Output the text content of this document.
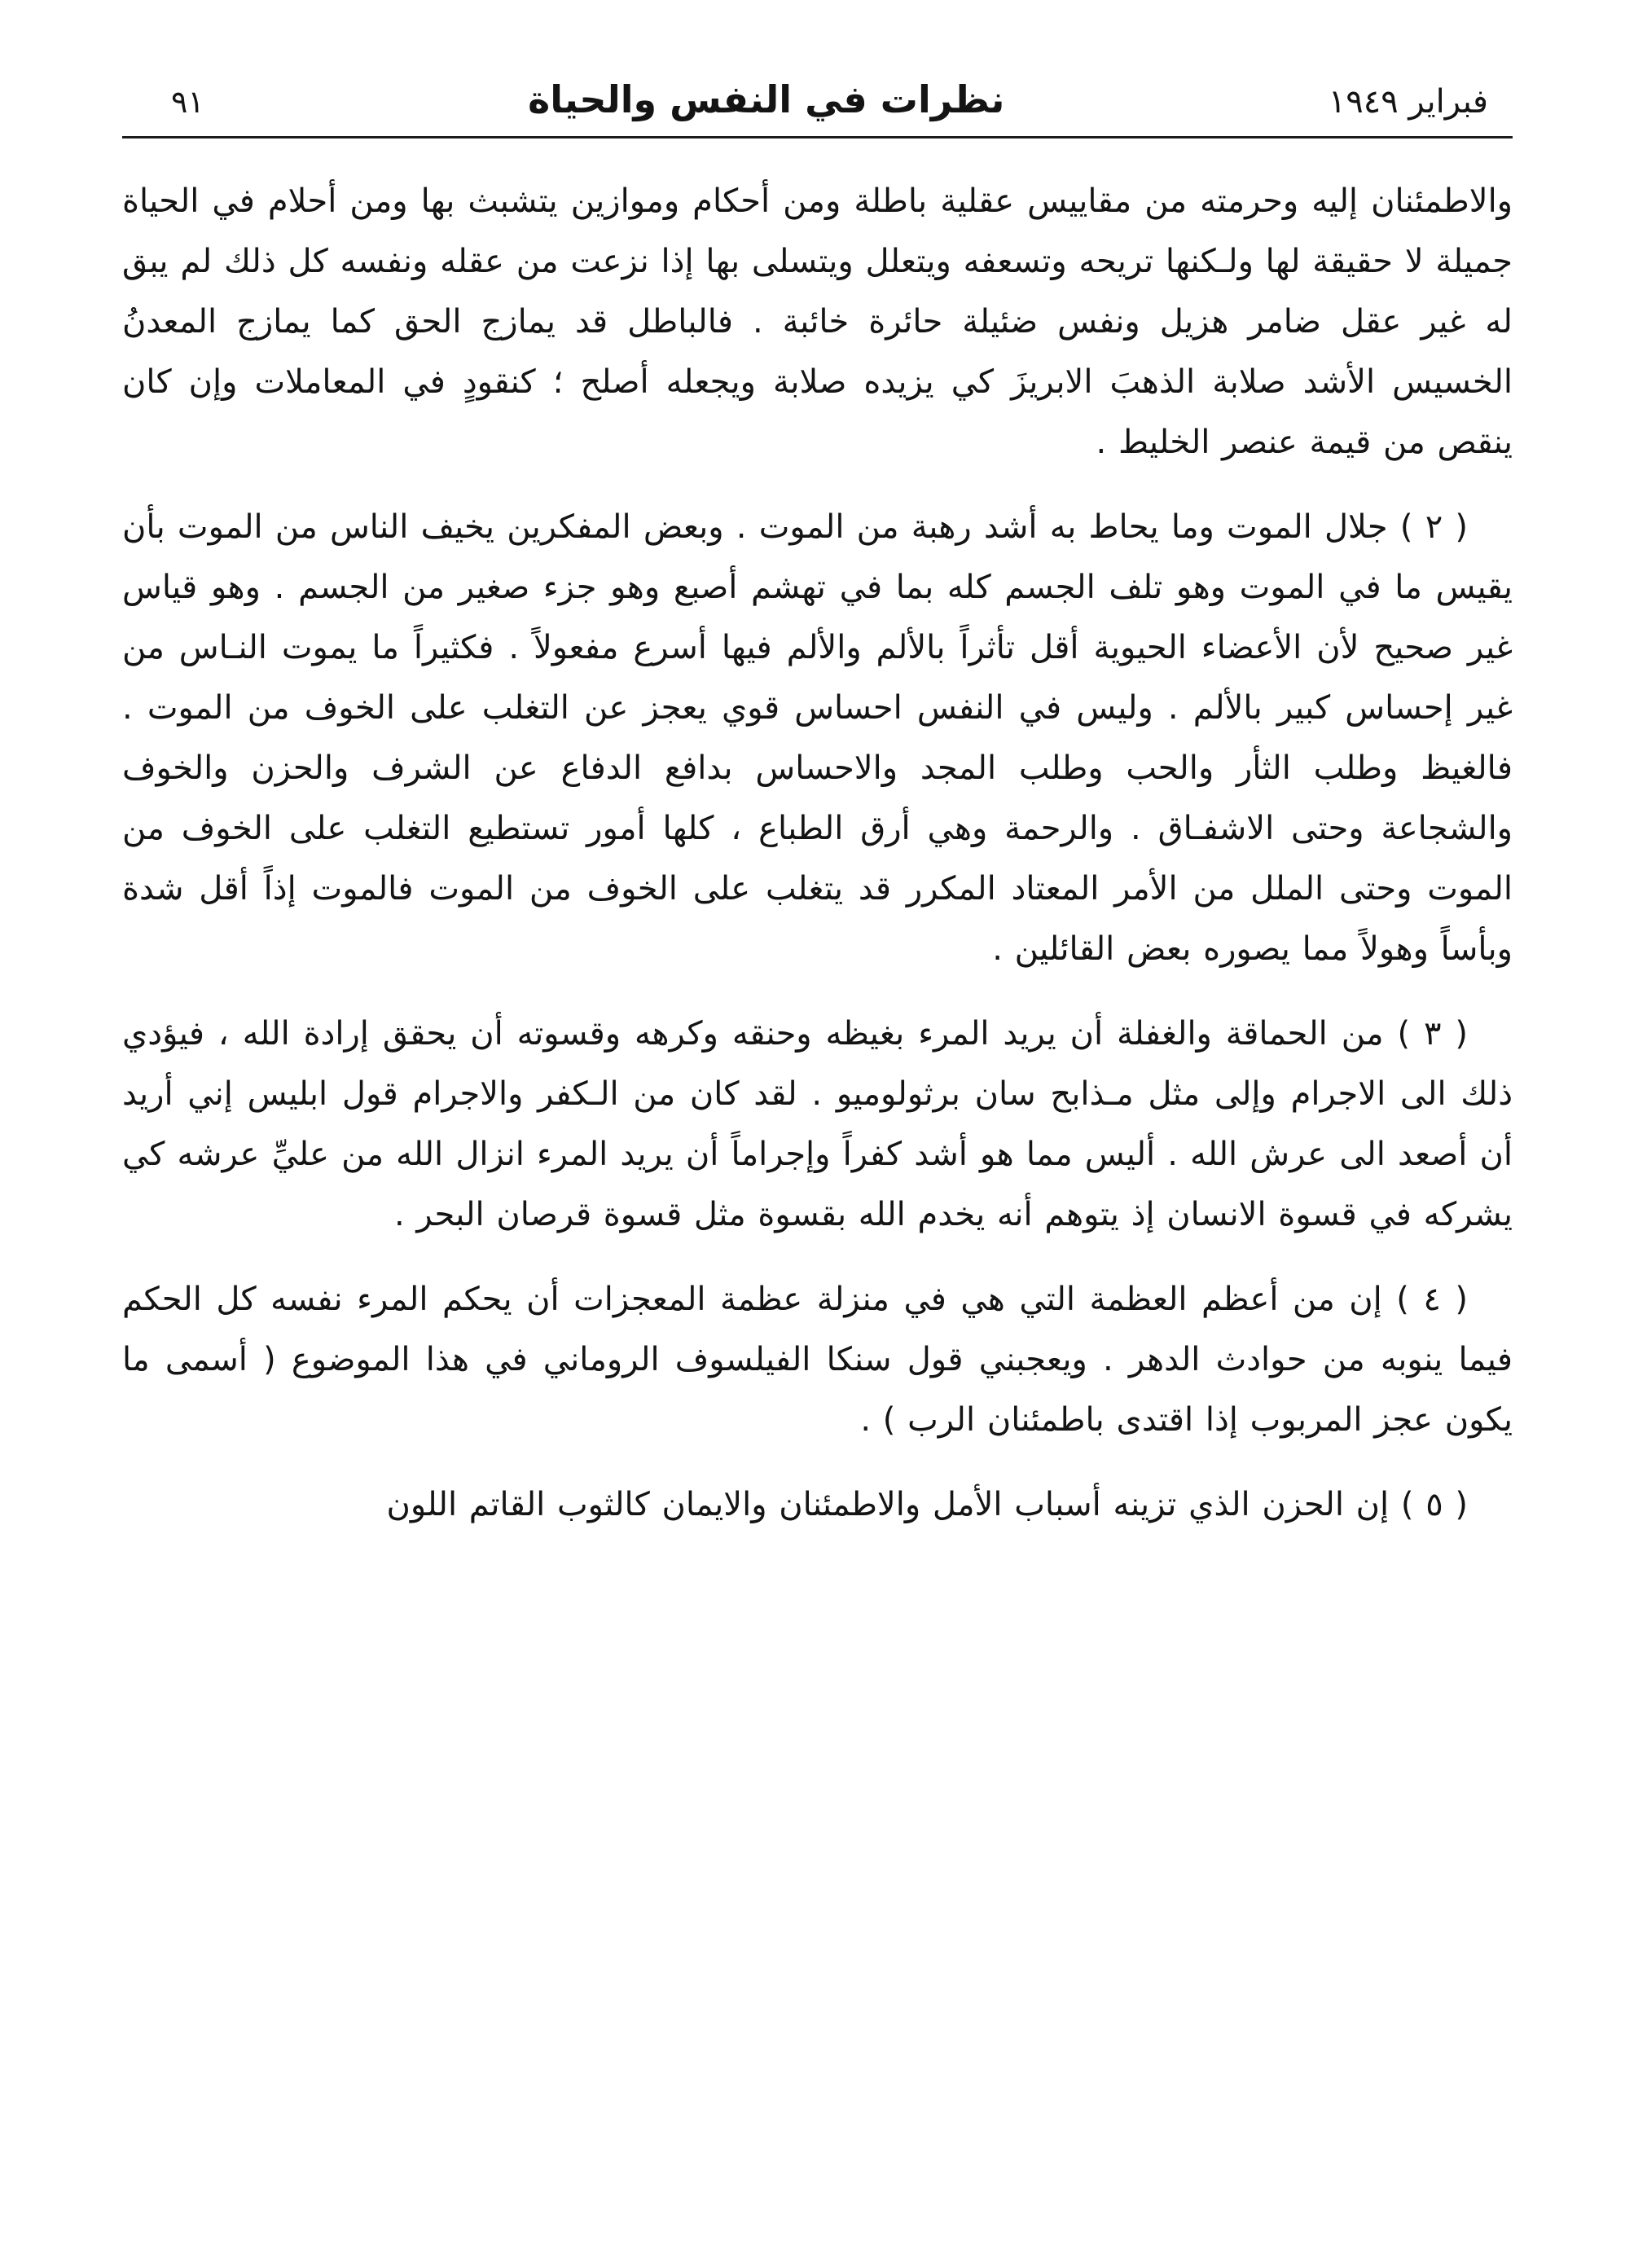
فبراير ١٩٤٩
نظرات في النفس والحياة
٩١

والاطمئنان إليه وحرمته من مقاييس عقلية باطلة ومن أحكام وموازين يتشبث بها ومن أحلام في الحياة جميلة لا حقيقة لها ولـكنها تريحه وتسعفه ويتعلل ويتسلى بها إذا نزعت من عقله ونفسه كل ذلك لم يبق له غير عقل ضامر هزيل ونفس ضئيلة حائرة خائبة . فالباطل قد يمازج الحق كما يمازج المعدنُ الخسيس الأشد صلابة الذهبَ الابريزَ كي يزيده صلابة ويجعله أصلح ؛ كنقودٍ في المعاملات وإن كان ينقص من قيمة عنصر الخليط .

( ٢ ) جلال الموت وما يحاط به أشد رهبة من الموت . وبعض المفكرين يخيف الناس من الموت بأن يقيس ما في الموت وهو تلف الجسم كله بما في تهشم أصبع وهو جزء صغير من الجسم . وهو قياس غير صحيح لأن الأعضاء الحيوية أقل تأثراً بالألم والألم فيها أسرع مفعولاً . فكثيراً ما يموت النـاس من غير إحساس كبير بالألم . وليس في النفس احساس قوي يعجز عن التغلب على الخوف من الموت . فالغيظ وطلب الثأر والحب وطلب المجد والاحساس بدافع الدفاع عن الشرف والحزن والخوف والشجاعة وحتى الاشفـاق . والرحمة وهي أرق الطباع ، كلها أمور تستطيع التغلب على الخوف من الموت وحتى الملل من الأمر المعتاد المكرر قد يتغلب على الخوف من الموت فالموت إذاً أقل شدة وبأساً وهولاً مما يصوره بعض القائلين .

( ٣ ) من الحماقة والغفلة أن يريد المرء بغيظه وحنقه وكرهه وقسوته أن يحقق إرادة الله ، فيؤدي ذلك الى الاجرام وإلى مثل مـذابح سان برثولوميو . لقد كان من الـكفر والاجرام قول ابليس إني أريد أن أصعد الى عرش الله . أليس مما هو أشد كفراً وإجراماً أن يريد المرء انزال الله من عليِّ عرشه كي يشركه في قسوة الانسان إذ يتوهم أنه يخدم الله بقسوة مثل قسوة قرصان البحر .

( ٤ ) إن من أعظم العظمة التي هي في منزلة عظمة المعجزات أن يحكم المرء نفسه كل الحكم فيما ينوبه من حوادث الدهر . ويعجبني قول سنكا الفيلسوف الروماني في هذا الموضوع ( أسمى ما يكون عجز المربوب إذا اقتدى باطمئنان الرب ) .

( ٥ ) إن الحزن الذي تزينه أسباب الأمل والاطمئنان والايمان كالثوب القاتم اللون
